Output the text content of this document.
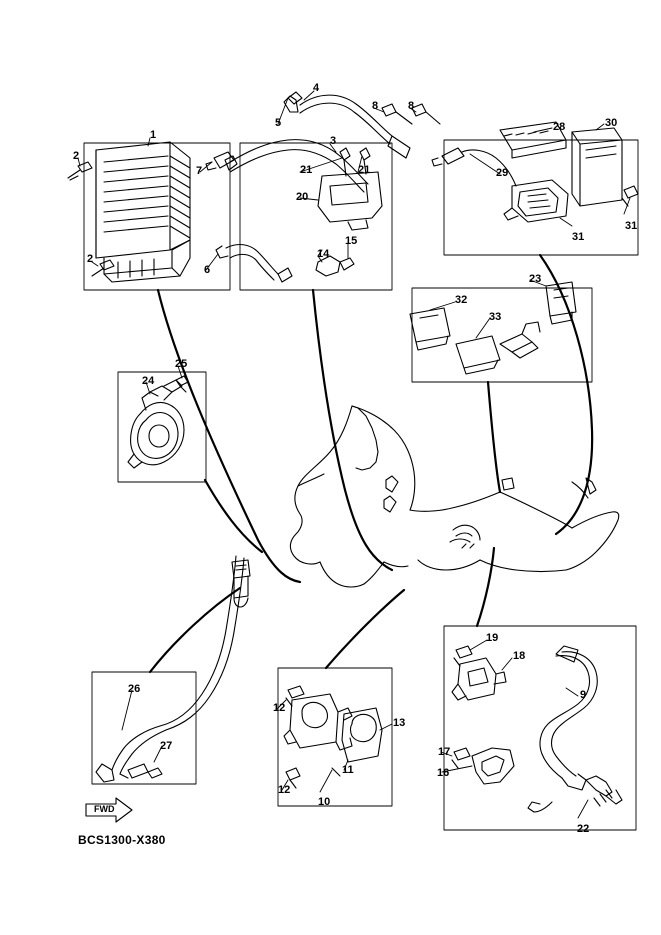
1
2
2
3
4
5
6
7
8	8
9
10
11
12
12
13
14
15
16
17
18
19
20
21	21
22
23
24
25
26
27
28
29
30
31
31
32
33
BCS1300-X380
FWD
